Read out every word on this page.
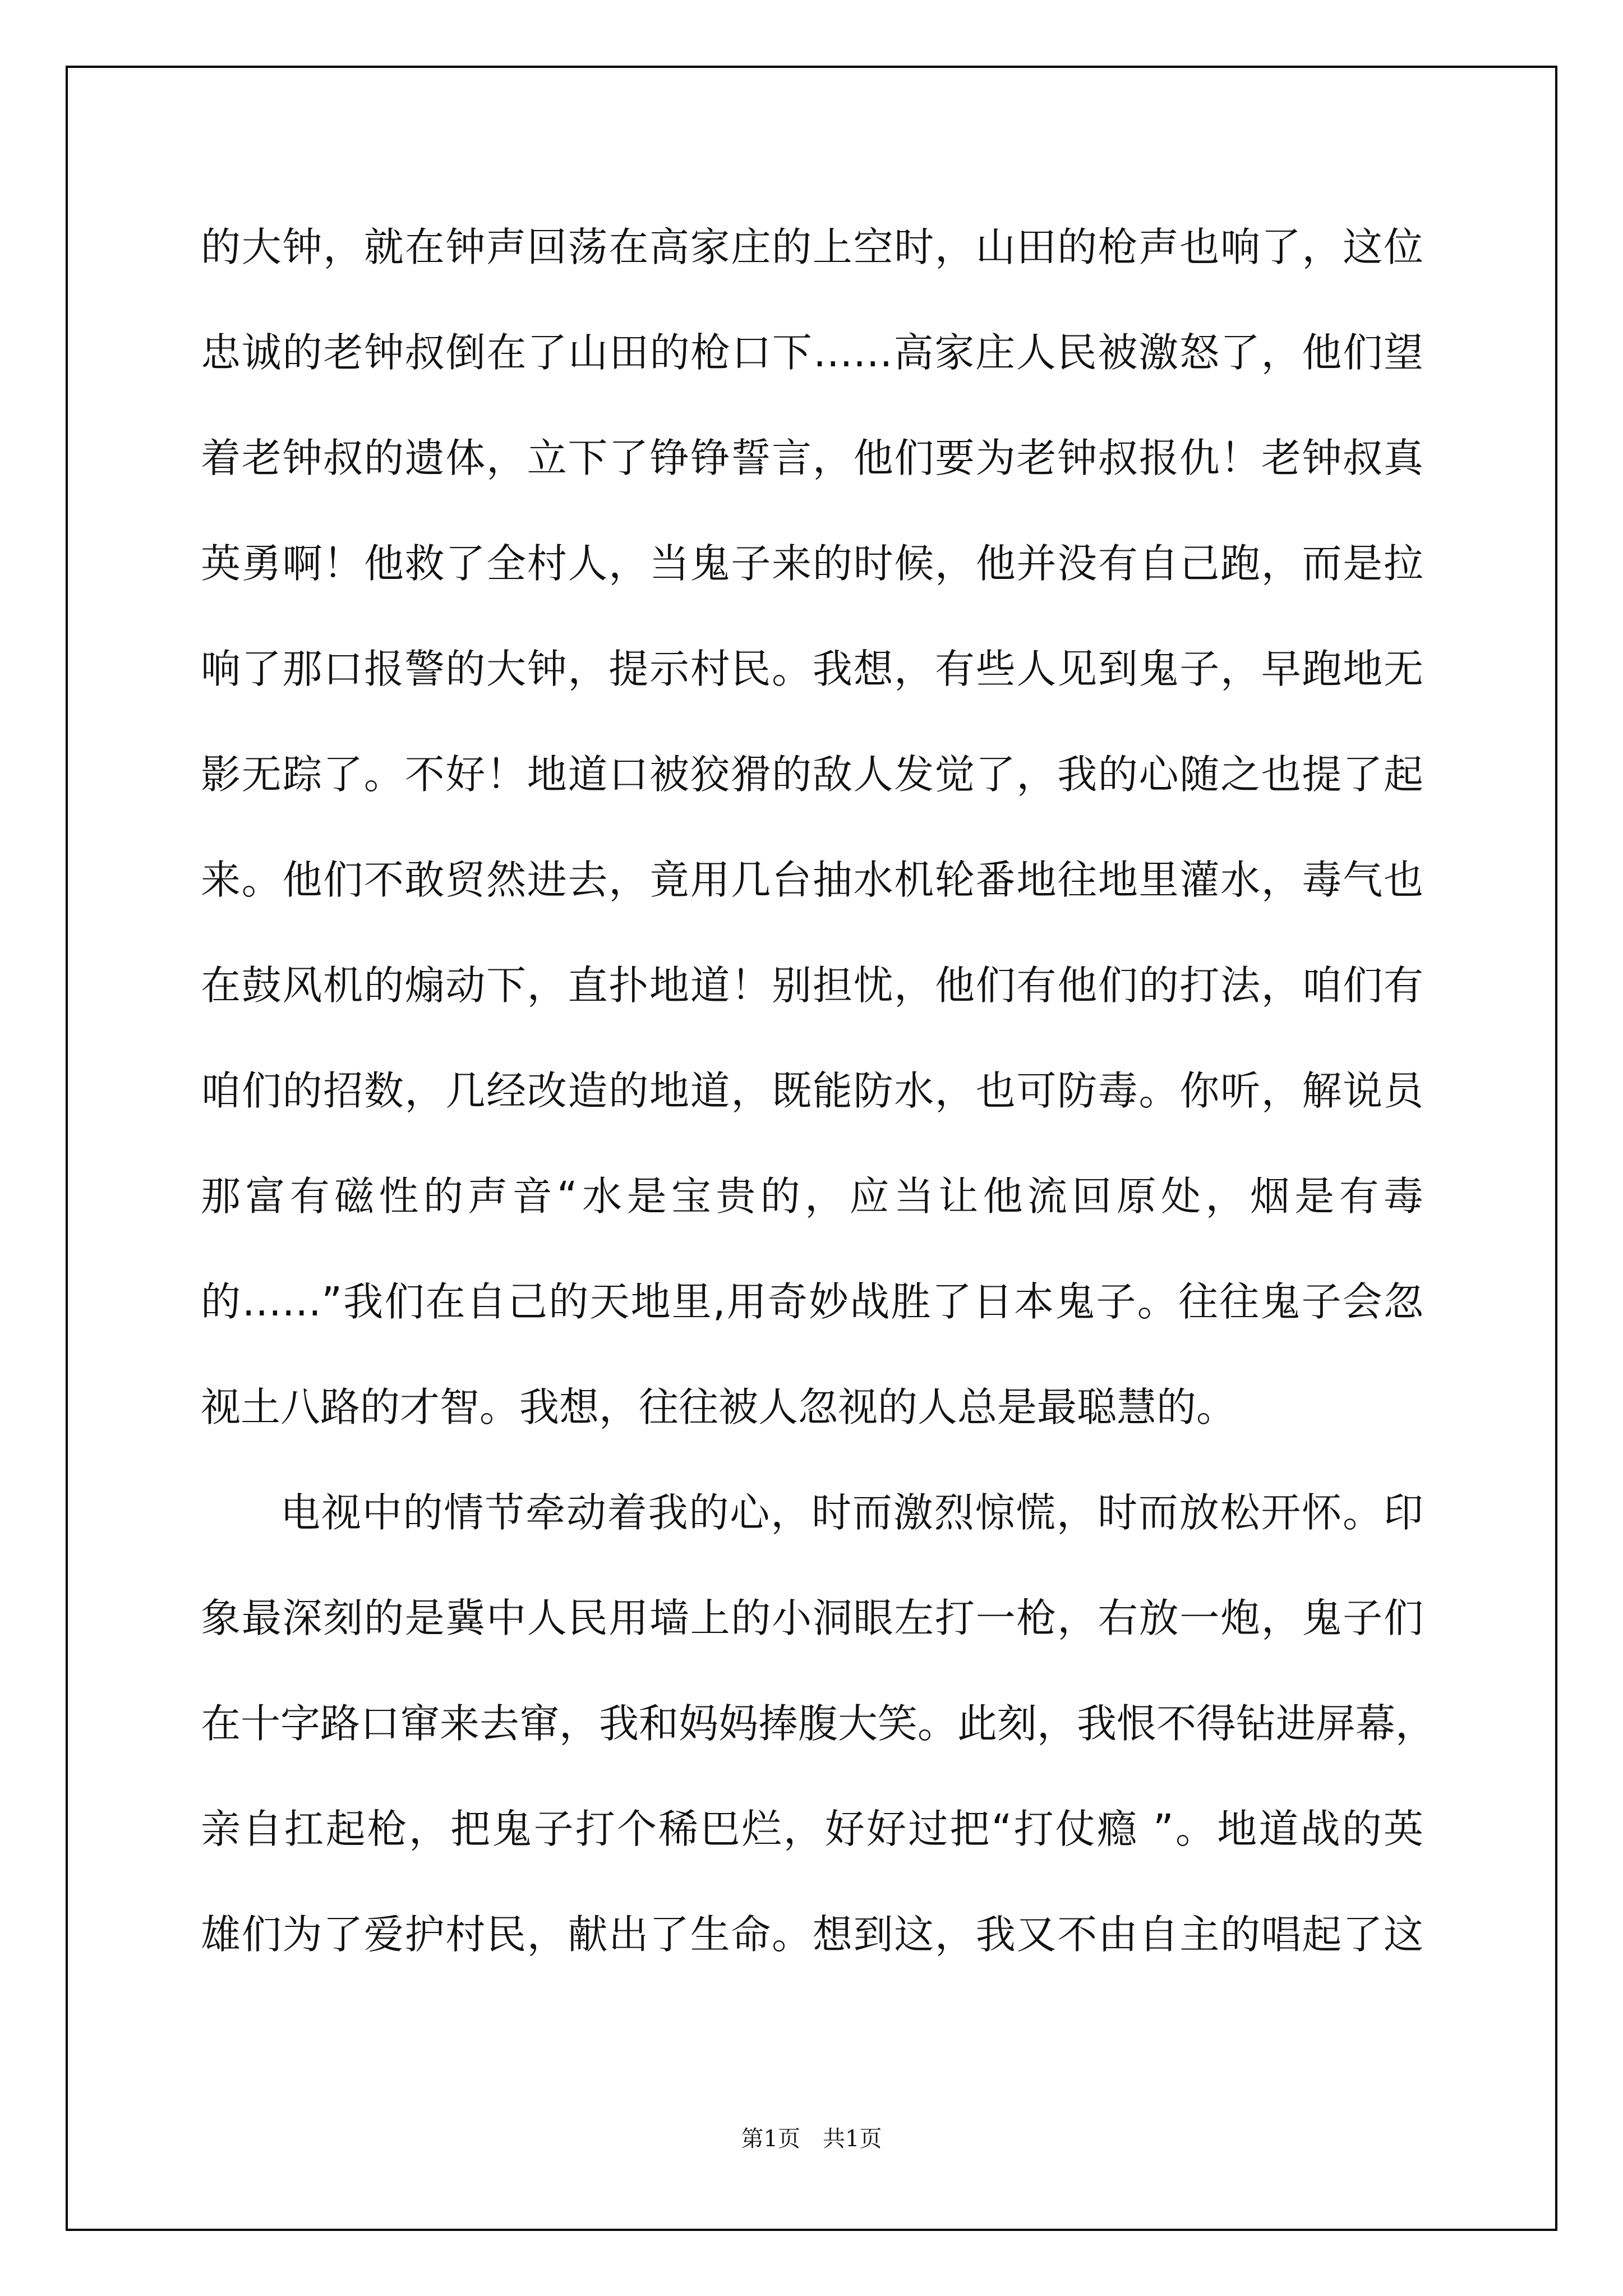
的大钟，就在钟声回荡在高家庄的上空时，山田的枪声也响了，这位
忠诚的老钟叔倒在了山田的枪口下……高家庄人民被激怒了，他们望
着老钟叔的遗体，立下了铮铮誓言，他们要为老钟叔报仇！老钟叔真
英勇啊！他救了全村人，当鬼子来的时候，他并没有自己跑，而是拉
响了那口报警的大钟，提示村民。我想，有些人见到鬼子，早跑地无
影无踪了。不好！地道口被狡猾的敌人发觉了，我的心随之也提了起
来。他们不敢贸然进去，竟用几台抽水机轮番地往地里灌水，毒气也
在鼓风机的煽动下，直扑地道！别担忧，他们有他们的打法，咱们有
咱们的招数，几经改造的地道，既能防水，也可防毒。你听，解说员
那富有磁性的声音“水是宝贵的，应当让他流回原处，烟是有毒
的……”我们在自己的天地里,用奇妙战胜了日本鬼子。往往鬼子会忽
视土八路的才智。我想，往往被人忽视的人总是最聪慧的。
电视中的情节牵动着我的心，时而激烈惊慌，时而放松开怀。印
象最深刻的是冀中人民用墙上的小洞眼左打一枪，右放一炮，鬼子们
在十字路口窜来去窜，我和妈妈捧腹大笑。此刻，我恨不得钻进屏幕，
亲自扛起枪，把鬼子打个稀巴烂，好好过把“打仗瘾 ”。地道战的英
雄们为了爱护村民，献出了生命。想到这，我又不由自主的唱起了这
第1页　共1页
